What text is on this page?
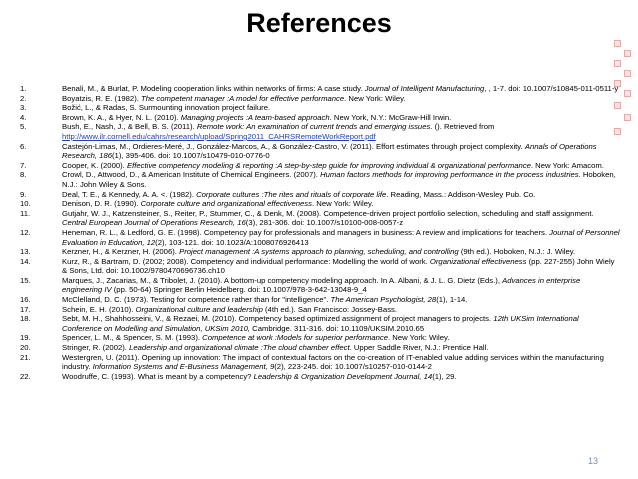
References
1.	Benali, M., & Burlat, P. Modeling cooperation links within networks of firms: A case study. Journal of Intelligent Manufacturing, , 1-7. doi: 10.1007/s10845-011-0511-y
2.	Boyatzis, R. E. (1982). The competent manager :A model for effective performance. New York: Wiley.
3.	Božić, L., & Radas, S. Surmounting innovation project failure.
4.	Brown, K. A., & Hyer, N. L. (2010). Managing projects :A team-based approach. New York, N.Y.: McGraw-Hill Irwin.
5.	Bush, E., Nash, J., & Bell, B. S. (2011). Remote work: An examination of current trends and emerging issues. (). Retrieved from http://www.ilr.cornell.edu/cahrs/research/upload/Spring2011_CAHRSRemoteWorkReport.pdf
6.	Castejón-Limas, M., Ordieres-Meré, J., González-Marcos, A., & González-Castro, V. (2011). Effort estimates through project complexity. Annals of Operations Research, 186(1), 395-406. doi: 10.1007/s10479-010-0776-0
7.	Cooper, K. (2000). Effective competency modeling & reporting :A step-by-step guide for improving individual & organizational performance. New York: Amacom.
8.	Crowl, D., Attwood, D., & American Institute of Chemical Engineers. (2007). Human factors methods for improving performance in the process industries. Hoboken, N.J.: John Wiley & Sons.
9.	Deal, T. E., & Kennedy, A. A. <. (1982). Corporate cultures :The rites and rituals of corporate life. Reading, Mass.: Addison-Wesley Pub. Co.
10.	Denison, D. R. (1990). Corporate culture and organizational effectiveness. New York: Wiley.
11.	Gutjahr, W. J., Katzensteiner, S., Reiter, P., Stummer, C., & Denk, M. (2008). Competence-driven project portfolio selection, scheduling and staff assignment. Central European Journal of Operations Research, 16(3), 281-306. doi: 10.1007/s10100-008-0057-z
12.	Heneman, R. L., & Ledford, G. E. (1998). Competency pay for professionals and managers in business: A review and implications for teachers. Journal of Personnel Evaluation in Education, 12(2), 103-121. doi: 10.1023/A:1008076926413
13.	Kerzner, H., & Kerzner, H. (2006). Project management :A systems approach to planning, scheduling, and controlling (9th ed.). Hoboken, N.J.: J. Wiley.
14.	Kurz, R., & Bartram, D. (2002; 2008). Competency and individual performance: Modelling the world of work. Organizational effectiveness (pp. 227-255) John Wiely & Sons, Ltd. doi: 10.1002/9780470696736.ch10
15.	Marques, J., Zacarias, M., & Tribolet, J. (2010). A bottom-up competency modeling approach. In A. Albani, & J. L. G. Dietz (Eds.), Advances in enterprise engineering IV (pp. 50-64) Springer Berlin Heidelberg. doi: 10.1007/978-3-642-13048-9_4
16.	McClelland, D. C. (1973). Testing for competence rather than for "intelligence". The American Psychologist, 28(1), 1-14.
17.	Schein, E. H. (2010). Organizational culture and leadership (4th ed.). San Francisco: Jossey-Bass.
18.	Sebt, M. H., Shahhosseini, V., & Rezaei, M. (2010). Competency based optimized assignment of project managers to projects. 12th UKSim International Conference on Modelling and Simulation, UKSim 2010, Cambridge. 311-316. doi: 10.1109/UKSIM.2010.65
19.	Spencer, L. M., & Spencer, S. M. (1993). Competence at work :Models for superior performance. New York: Wiley.
20.	Stringer, R. (2002). Leadership and organizational climate :The cloud chamber effect. Upper Saddle River, N.J.: Prentice Hall.
21.	Westergren, U. (2011). Opening up innovation: The impact of contextual factors on the co-creation of IT-enabled value adding services within the manufacturing industry. Information Systems and E-Business Management, 9(2), 223-245. doi: 10.1007/s10257-010-0144-2
22.	Woodruffe, C. (1993). What is meant by a competency? Leadership & Organization Development Journal, 14(1), 29.
13
